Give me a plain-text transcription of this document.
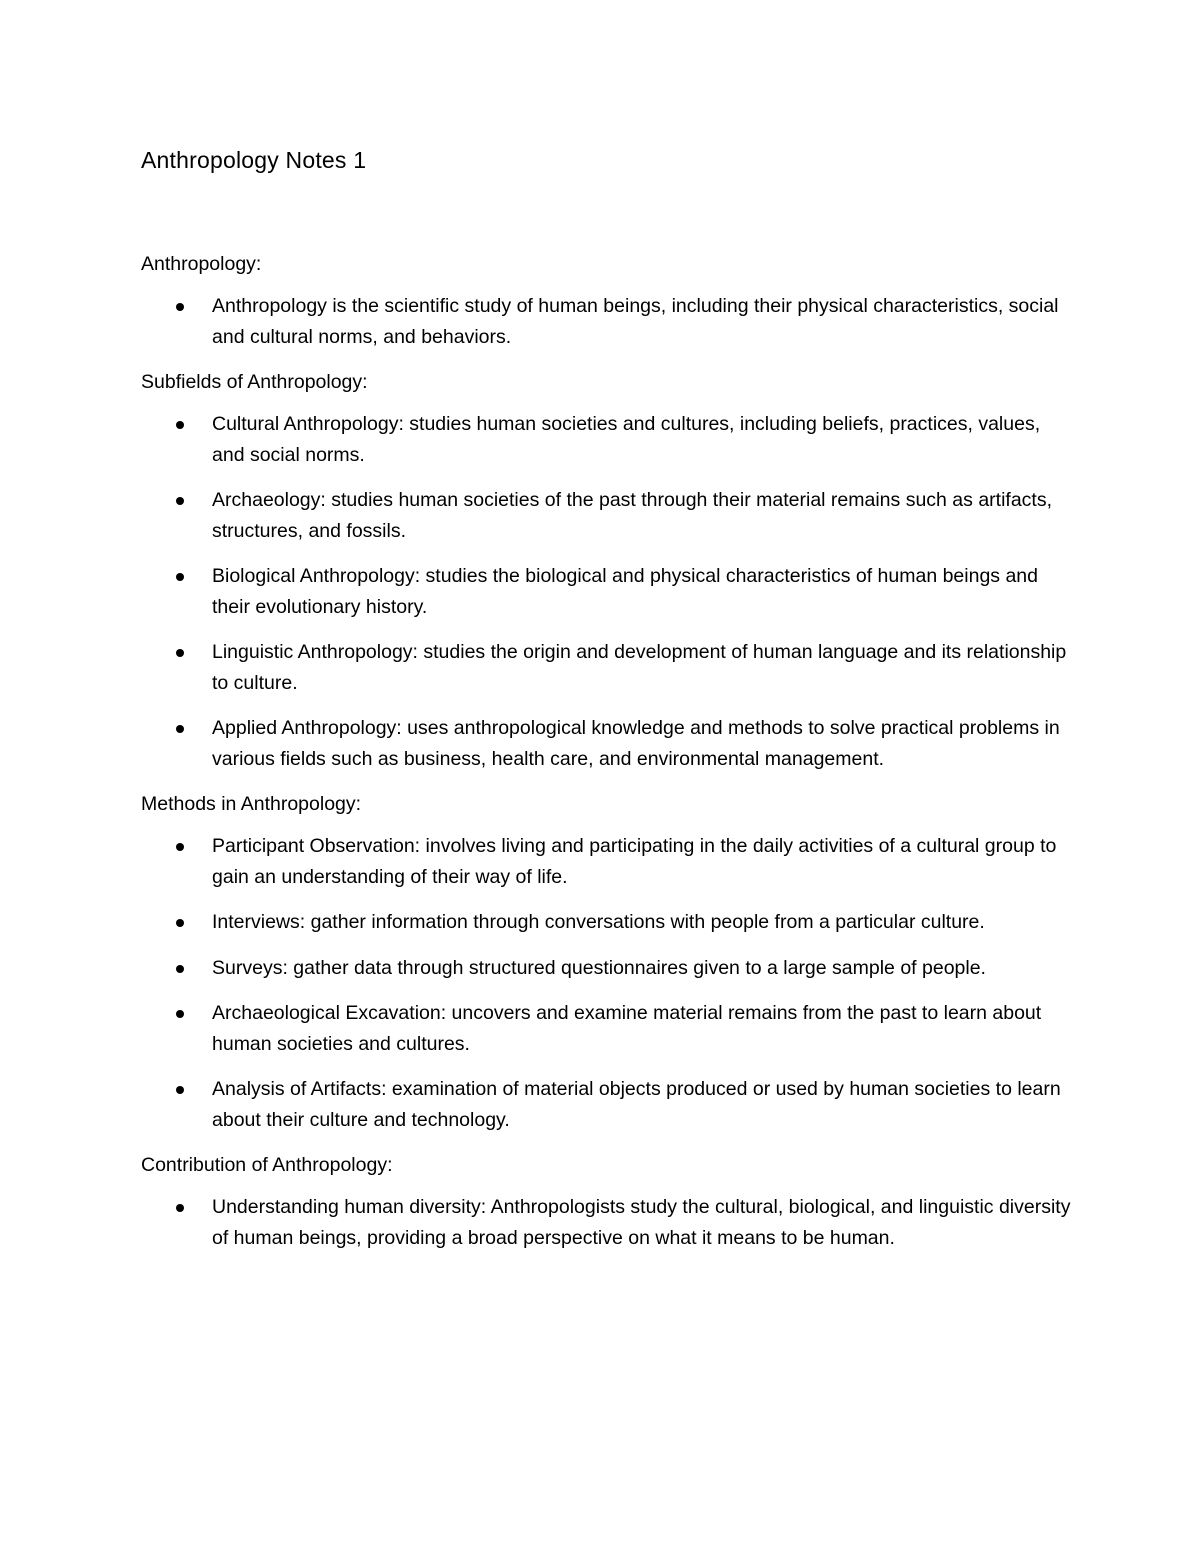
Anthropology Notes 1

Anthropology:

Anthropology is the scientific study of human beings, including their physical characteristics, social and cultural norms, and behaviors.

Subfields of Anthropology:

Cultural Anthropology: studies human societies and cultures, including beliefs, practices, values, and social norms.
Archaeology: studies human societies of the past through their material remains such as artifacts, structures, and fossils.
Biological Anthropology: studies the biological and physical characteristics of human beings and their evolutionary history.
Linguistic Anthropology: studies the origin and development of human language and its relationship to culture.
Applied Anthropology: uses anthropological knowledge and methods to solve practical problems in various fields such as business, health care, and environmental management.

Methods in Anthropology:

Participant Observation: involves living and participating in the daily activities of a cultural group to gain an understanding of their way of life.
Interviews: gather information through conversations with people from a particular culture.
Surveys: gather data through structured questionnaires given to a large sample of people.
Archaeological Excavation: uncovers and examine material remains from the past to learn about human societies and cultures.
Analysis of Artifacts: examination of material objects produced or used by human societies to learn about their culture and technology.

Contribution of Anthropology:

Understanding human diversity: Anthropologists study the cultural, biological, and linguistic diversity of human beings, providing a broad perspective on what it means to be human.
